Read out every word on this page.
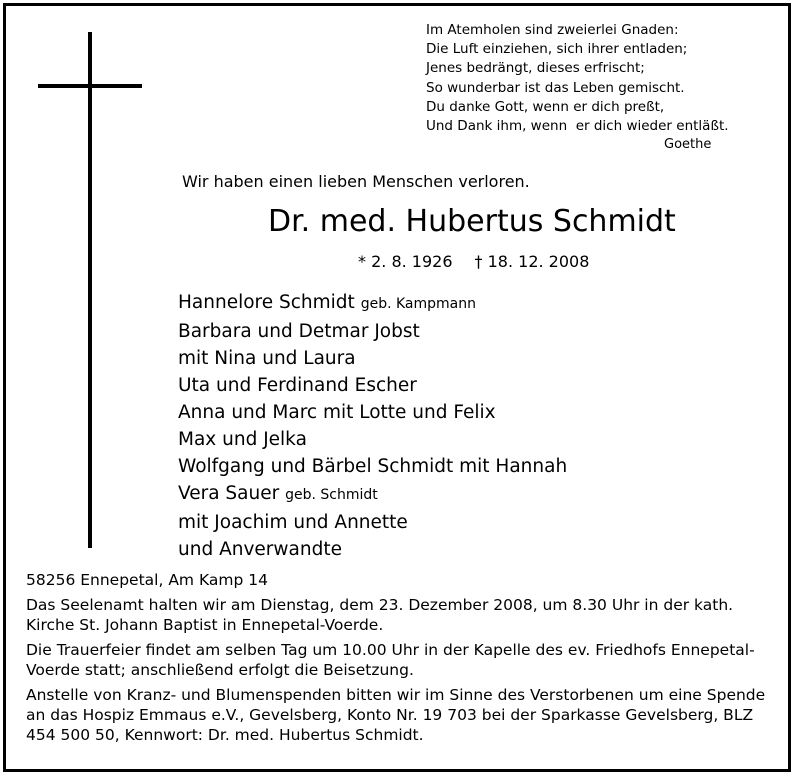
Im Atemholen sind zweierlei Gnaden:
Die Luft einziehen, sich ihrer entladen;
Jenes bedrängt, dieses erfrischt;
So wunderbar ist das Leben gemischt.
Du danke Gott, wenn er dich preßt,
Und Dank ihm, wenn  er dich wieder entläßt.
Goethe
Wir haben einen lieben Menschen verloren.
Dr. med. Hubertus Schmidt
* 2. 8. 1926 † 18. 12. 2008
Hannelore Schmidt geb. Kampmann
Barbara und Detmar Jobst
mit Nina und Laura
Uta und Ferdinand Escher
Anna und Marc mit Lotte und Felix
Max und Jelka
Wolfgang und Bärbel Schmidt mit Hannah
Vera Sauer geb. Schmidt
mit Joachim und Annette
und Anverwandte

58256 Ennepetal, Am Kamp 14

Das Seelenamt halten wir am Dienstag, dem 23. Dezember 2008, um 8.30 Uhr in der kath. Kirche St. Johann Baptist in Ennepetal-Voerde.

Die Trauerfeier findet am selben Tag um 10.00 Uhr in der Kapelle des ev. Friedhofs Ennepetal-Voerde statt; anschließend erfolgt die Beisetzung.

Anstelle von Kranz- und Blumenspenden bitten wir im Sinne des Verstorbenen um eine Spende an das Hospiz Emmaus e.V., Gevelsberg, Konto Nr. 19 703 bei der Sparkasse Gevelsberg, BLZ 454 500 50, Kennwort: Dr. med. Hubertus Schmidt.
